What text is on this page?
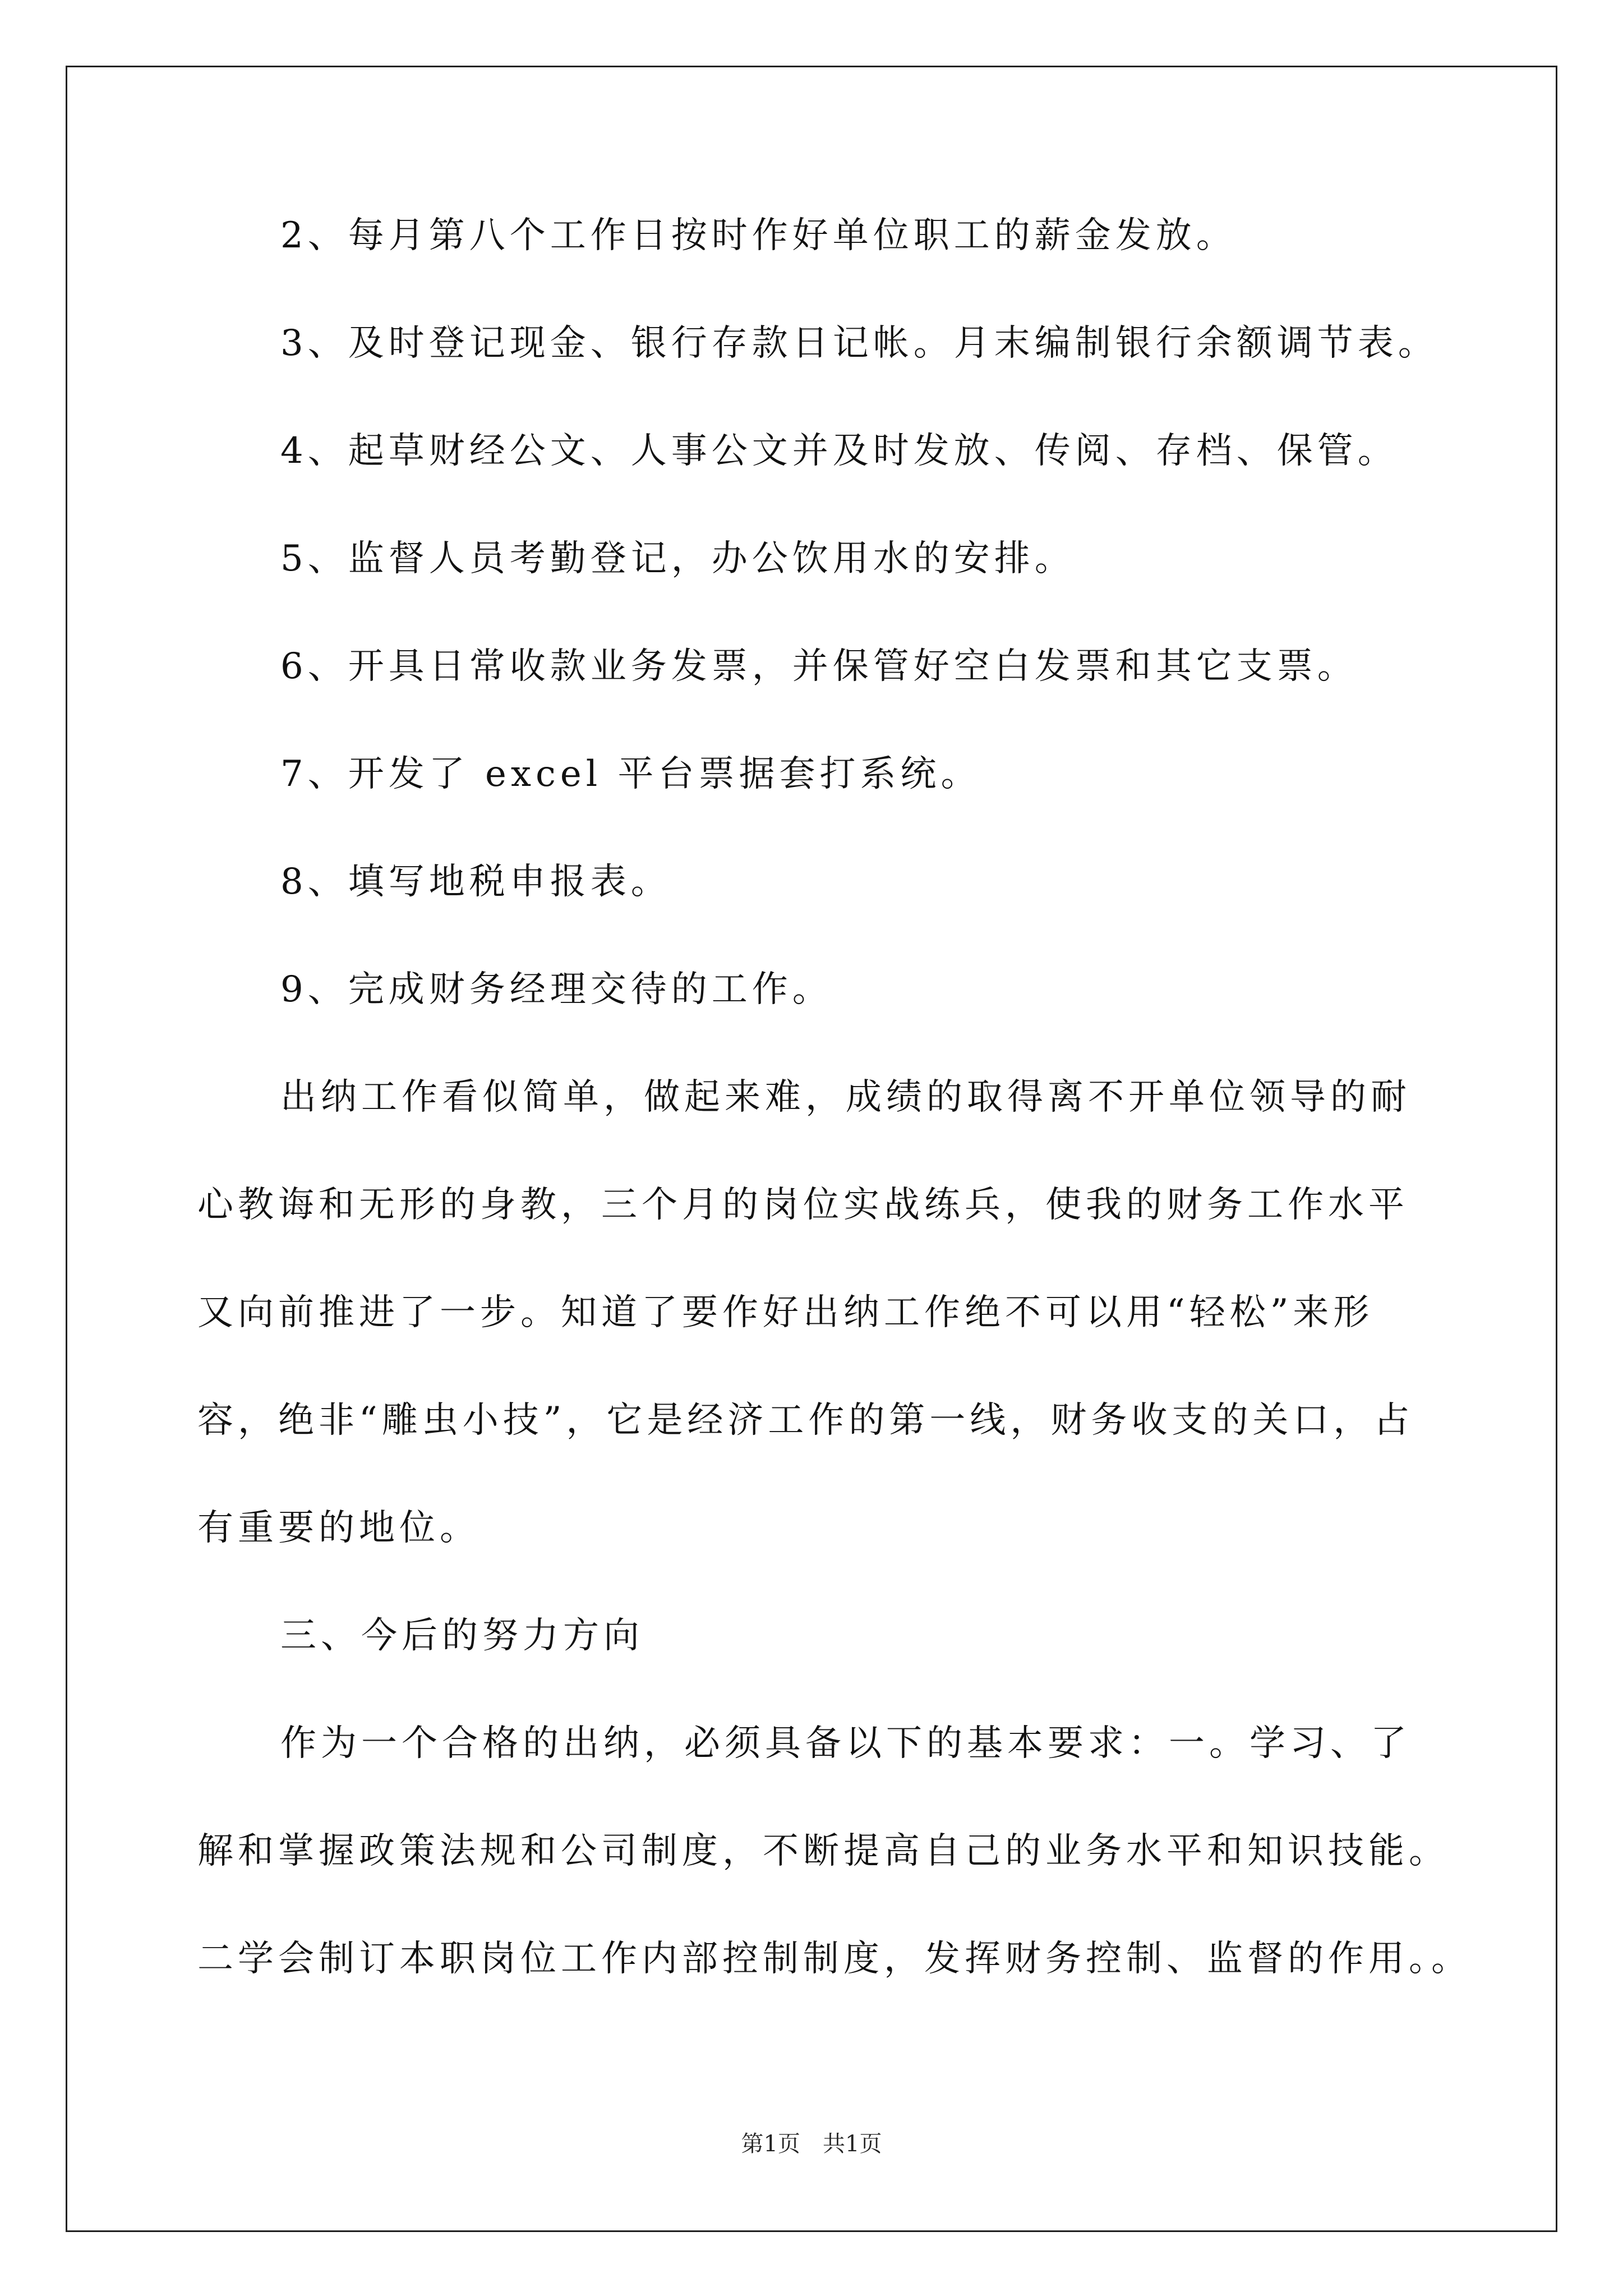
2、每月第八个工作日按时作好单位职工的薪金发放。

3、及时登记现金、银行存款日记帐。月末编制银行余额调节表。

4、起草财经公文、人事公文并及时发放、传阅、存档、保管。

5、监督人员考勤登记，办公饮用水的安排。

6、开具日常收款业务发票，并保管好空白发票和其它支票。

7、开发了 excel 平台票据套打系统。

8、填写地税申报表。

9、完成财务经理交待的工作。

出纳工作看似简单，做起来难，成绩的取得离不开单位领导的耐

心教诲和无形的身教，三个月的岗位实战练兵，使我的财务工作水平

又向前推进了一步。知道了要作好出纳工作绝不可以用“轻松”来形

容，绝非“雕虫小技”，它是经济工作的第一线，财务收支的关口，占

有重要的地位。

三、今后的努力方向

作为一个合格的出纳，必须具备以下的基本要求：一。学习、了

解和掌握政策法规和公司制度，不断提高自己的业务水平和知识技能。

二学会制订本职岗位工作内部控制制度，发挥财务控制、监督的作用。。

第1页　共1页
